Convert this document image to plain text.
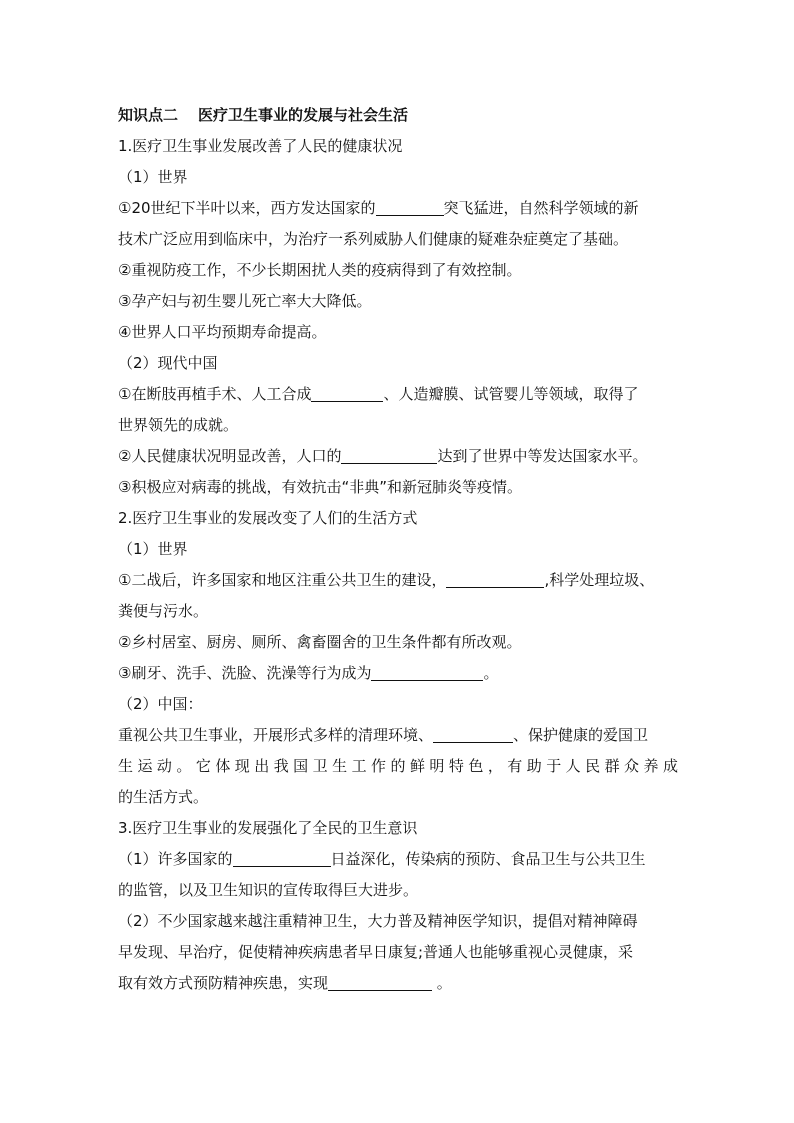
知识点二 医疗卫生事业的发展与社会生活
1.医疗卫生事业发展改善了人民的健康状况
（1）世界
①20世纪下半叶以来，西方发达国家的	突飞猛进，自然科学领域的新
技术广泛应用到临床中，为治疗一系列威胁人们健康的疑难杂症奠定了基础。
②重视防疫工作，不少长期困扰人类的疫病得到了有效控制。
③孕产妇与初生婴儿死亡率大大降低。
④世界人口平均预期寿命提高。
（2）现代中国
①在断肢再植手术、人工合成	、人造瓣膜、试管婴儿等领域，取得了
世界领先的成就。
②人民健康状况明显改善，人口的	达到了世界中等发达国家水平。
③积极应对病毒的挑战，有效抗击“非典”和新冠肺炎等疫情。
2.医疗卫生事业的发展改变了人们的生活方式
（1）世界
①二战后，许多国家和地区注重公共卫生的建设，	,科学处理垃圾、
粪便与污水。
②乡村居室、厨房、厕所、禽畜圈舍的卫生条件都有所改观。
③刷牙、洗手、洗脸、洗澡等行为成为	。
（2）中国：
重视公共卫生事业，开展形式多样的清理环境、	、保护健康的爱国卫
生运动。它体现出我国卫生工作的鲜明特色，有助于人民群众养成
的生活方式。
3.医疗卫生事业的发展强化了全民的卫生意识
（1）许多国家的	日益深化，传染病的预防、食品卫生与公共卫生
的监管，以及卫生知识的宣传取得巨大进步。
（2）不少国家越来越注重精神卫生，大力普及精神医学知识，提倡对精神障碍
早发现、早治疗，促使精神疾病患者早日康复;普通人也能够重视心灵健康，采
取有效方式预防精神疾患，实现	。
